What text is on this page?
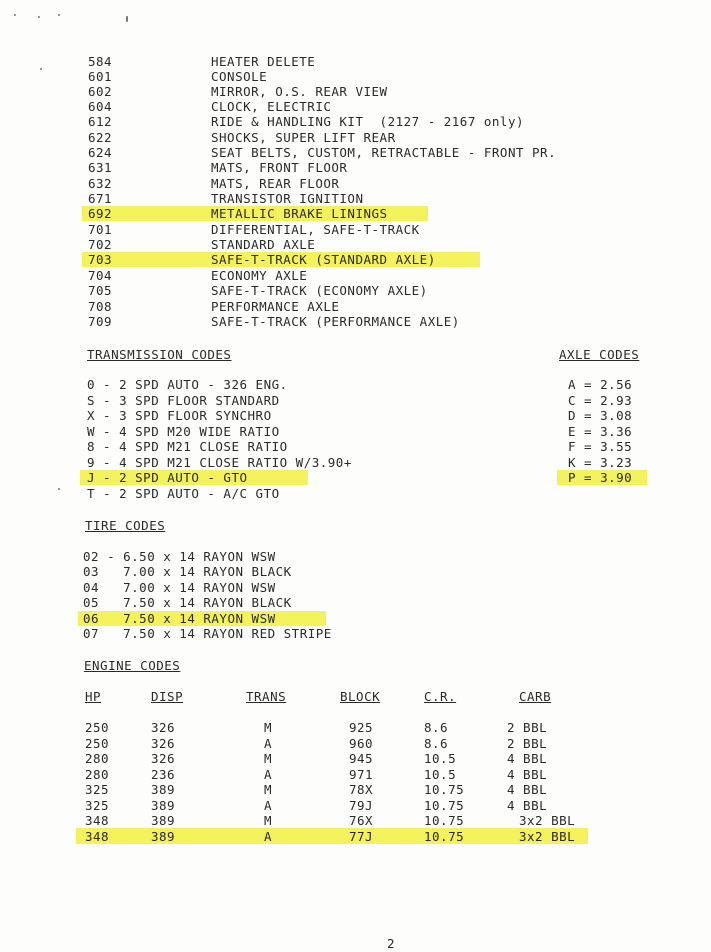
584	HEATER DELETE
601	CONSOLE
602	MIRROR, O.S. REAR VIEW
604	CLOCK, ELECTRIC
612	RIDE & HANDLING KIT  (2127 - 2167 only)
622	SHOCKS, SUPER LIFT REAR
624	SEAT BELTS, CUSTOM, RETRACTABLE - FRONT PR.
631	MATS, FRONT FLOOR
632	MATS, REAR FLOOR
671	TRANSISTOR IGNITION
692	METALLIC BRAKE LININGS
701	DIFFERENTIAL, SAFE-T-TRACK
702	STANDARD AXLE
703	SAFE-T-TRACK (STANDARD AXLE)
704	ECONOMY AXLE
705	SAFE-T-TRACK (ECONOMY AXLE)
708	PERFORMANCE AXLE
709	SAFE-T-TRACK (PERFORMANCE AXLE)
TRANSMISSION CODES
0 - 2 SPD AUTO - 326 ENG.
S - 3 SPD FLOOR STANDARD
X - 3 SPD FLOOR SYNCHRO
W - 4 SPD M20 WIDE RATIO
8 - 4 SPD M21 CLOSE RATIO
9 - 4 SPD M21 CLOSE RATIO W/3.90+
J - 2 SPD AUTO - GTO
T - 2 SPD AUTO - A/C GTO
AXLE CODES
A = 2.56
C = 2.93
D = 3.08
E = 3.36
F = 3.55
K = 3.23
P = 3.90
TIRE CODES
02 - 6.50 x 14 RAYON WSW
03   7.00 x 14 RAYON BLACK
04   7.00 x 14 RAYON WSW
05   7.50 x 14 RAYON BLACK
06   7.50 x 14 RAYON WSW
07   7.50 x 14 RAYON RED STRIPE
ENGINE CODES
HP	DISP	TRANS	BLOCK	C.R.	CARB
250	326	M	925	8.6	2 BBL
250	326	A	960	8.6	2 BBL
280	326	M	945	10.5	4 BBL
280	236	A	971	10.5	4 BBL
325	389	M	78X	10.75	4 BBL
325	389	A	79J	10.75	4 BBL
348	389	M	76X	10.75	3x2 BBL
348	389	A	77J	10.75	3x2 BBL
2
